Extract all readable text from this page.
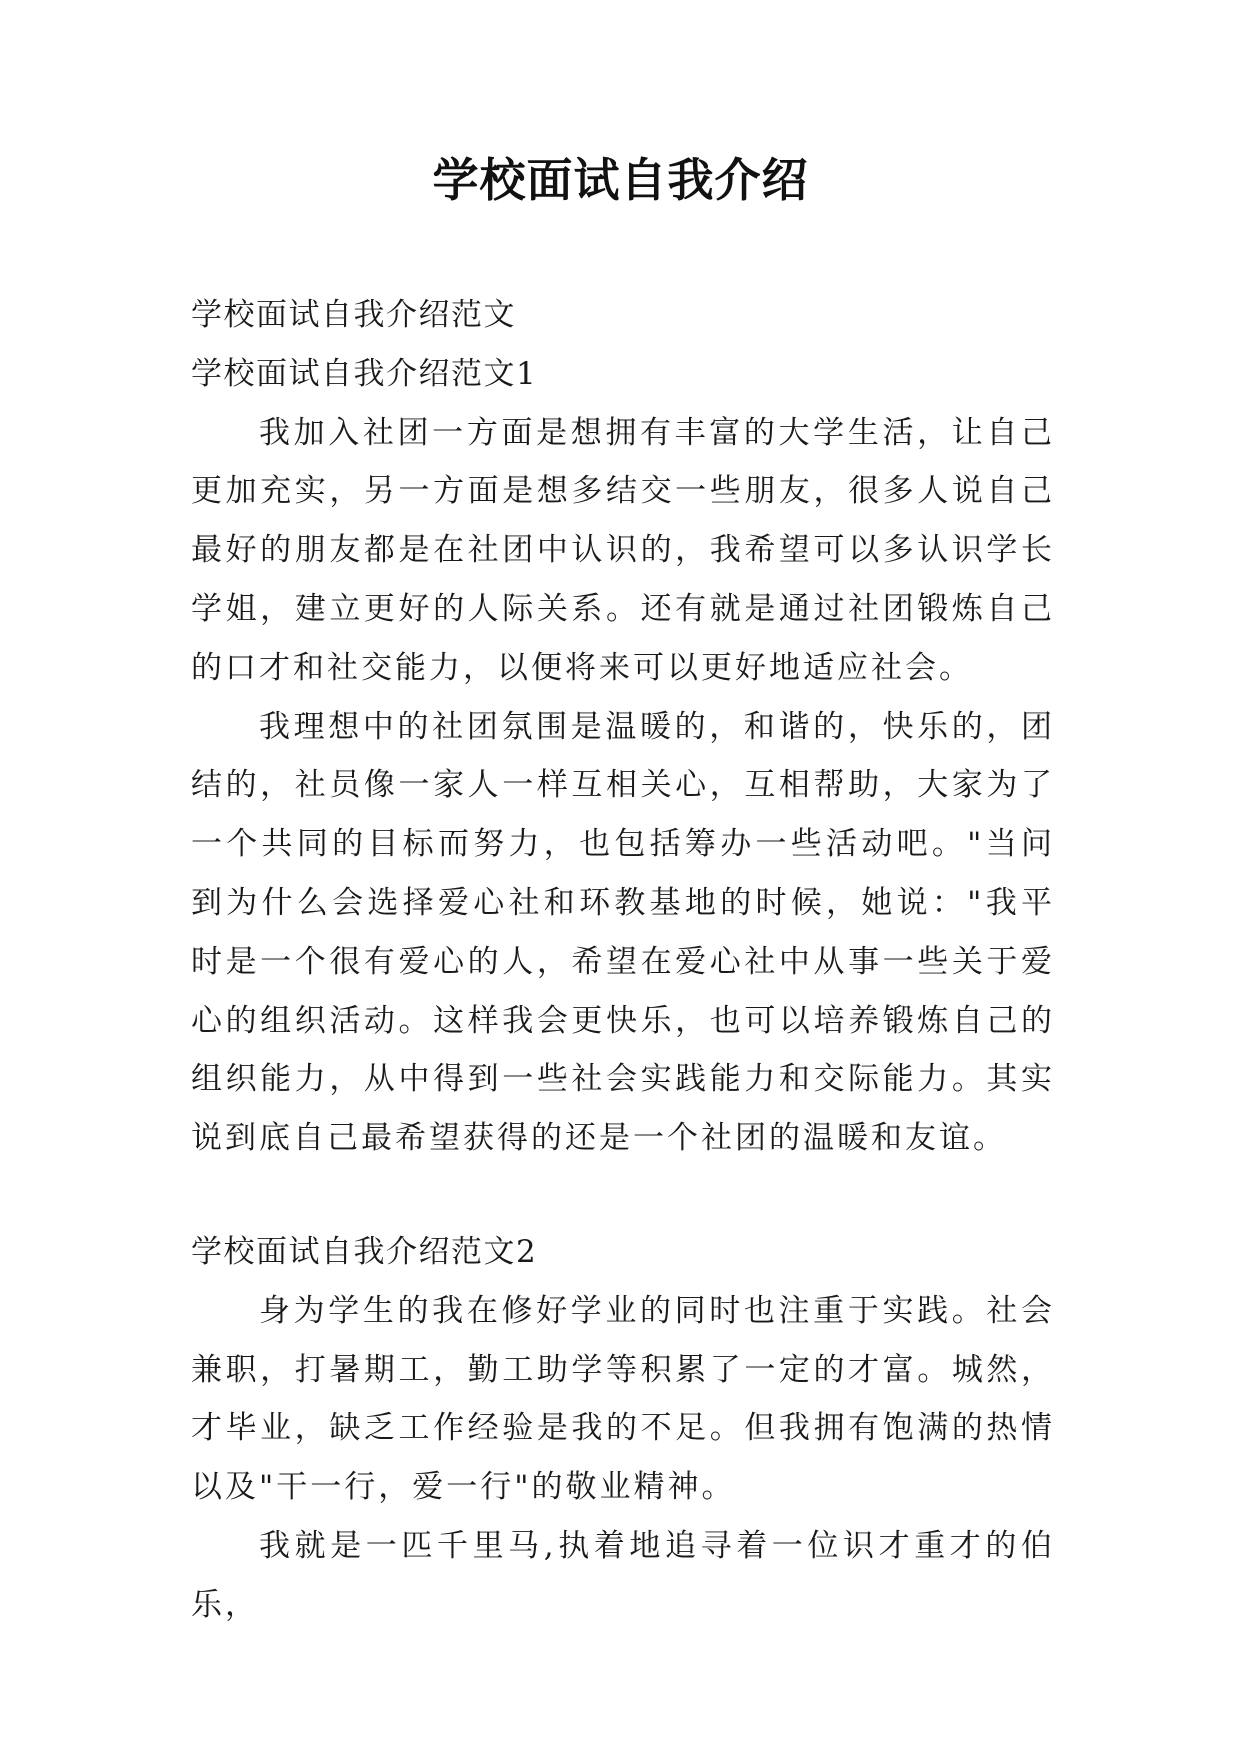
学校面试自我介绍

学校面试自我介绍范文

学校面试自我介绍范文1

我加入社团一方面是想拥有丰富的大学生活，让自己更加充实，另一方面是想多结交一些朋友，很多人说自己最好的朋友都是在社团中认识的，我希望可以多认识学长学姐，建立更好的人际关系。还有就是通过社团锻炼自己的口才和社交能力，以便将来可以更好地适应社会。

我理想中的社团氛围是温暖的，和谐的，快乐的，团结的，社员像一家人一样互相关心，互相帮助，大家为了一个共同的目标而努力，也包括筹办一些活动吧。"当问到为什么会选择爱心社和环教基地的时候，她说："我平时是一个很有爱心的人，希望在爱心社中从事一些关于爱心的组织活动。这样我会更快乐，也可以培养锻炼自己的组织能力，从中得到一些社会实践能力和交际能力。其实说到底自己最希望获得的还是一个社团的温暖和友谊。

学校面试自我介绍范文2

身为学生的我在修好学业的同时也注重于实践。社会兼职，打暑期工，勤工助学等积累了一定的才富。城然，才毕业，缺乏工作经验是我的不足。但我拥有饱满的热情以及"干一行，爱一行"的敬业精神。

我就是一匹千里马,执着地追寻着一位识才重才的伯乐，
